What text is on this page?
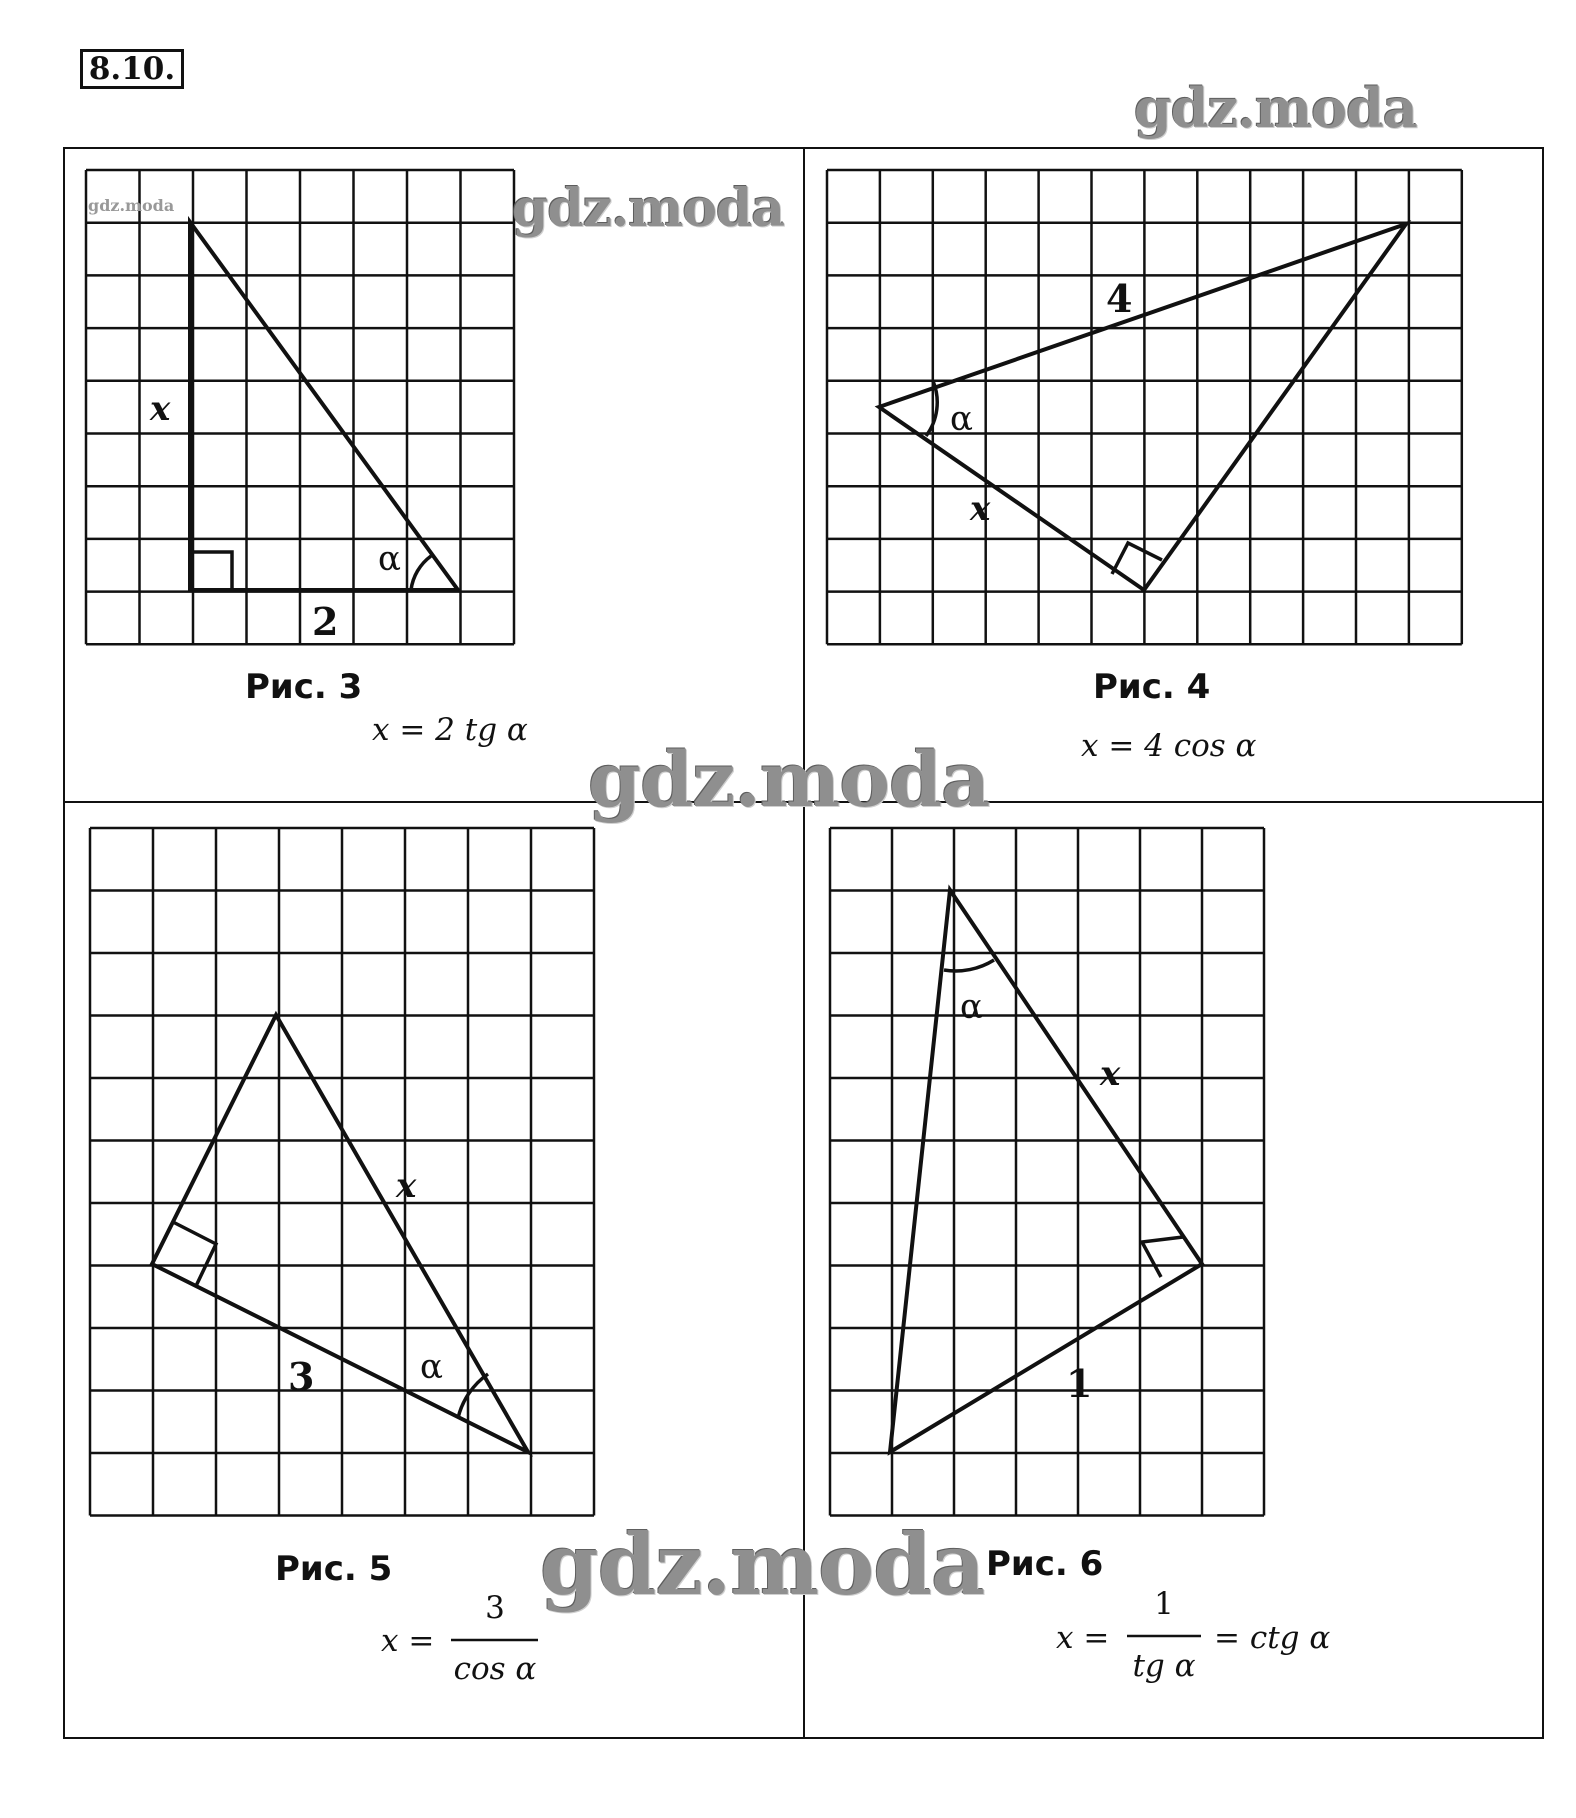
8.10.
gdz.moda
x
2
α
Рис. 3
x = 2 tg α
4
x
α
Рис. 4
x = 4 cos α
x
3	α
Рис. 5
x =
3
cos α
x
1
α
Рис. 6
x =
1
tg α
= ctg α
gdz.moda	gdz.moda
gdz.moda
gdz.moda
